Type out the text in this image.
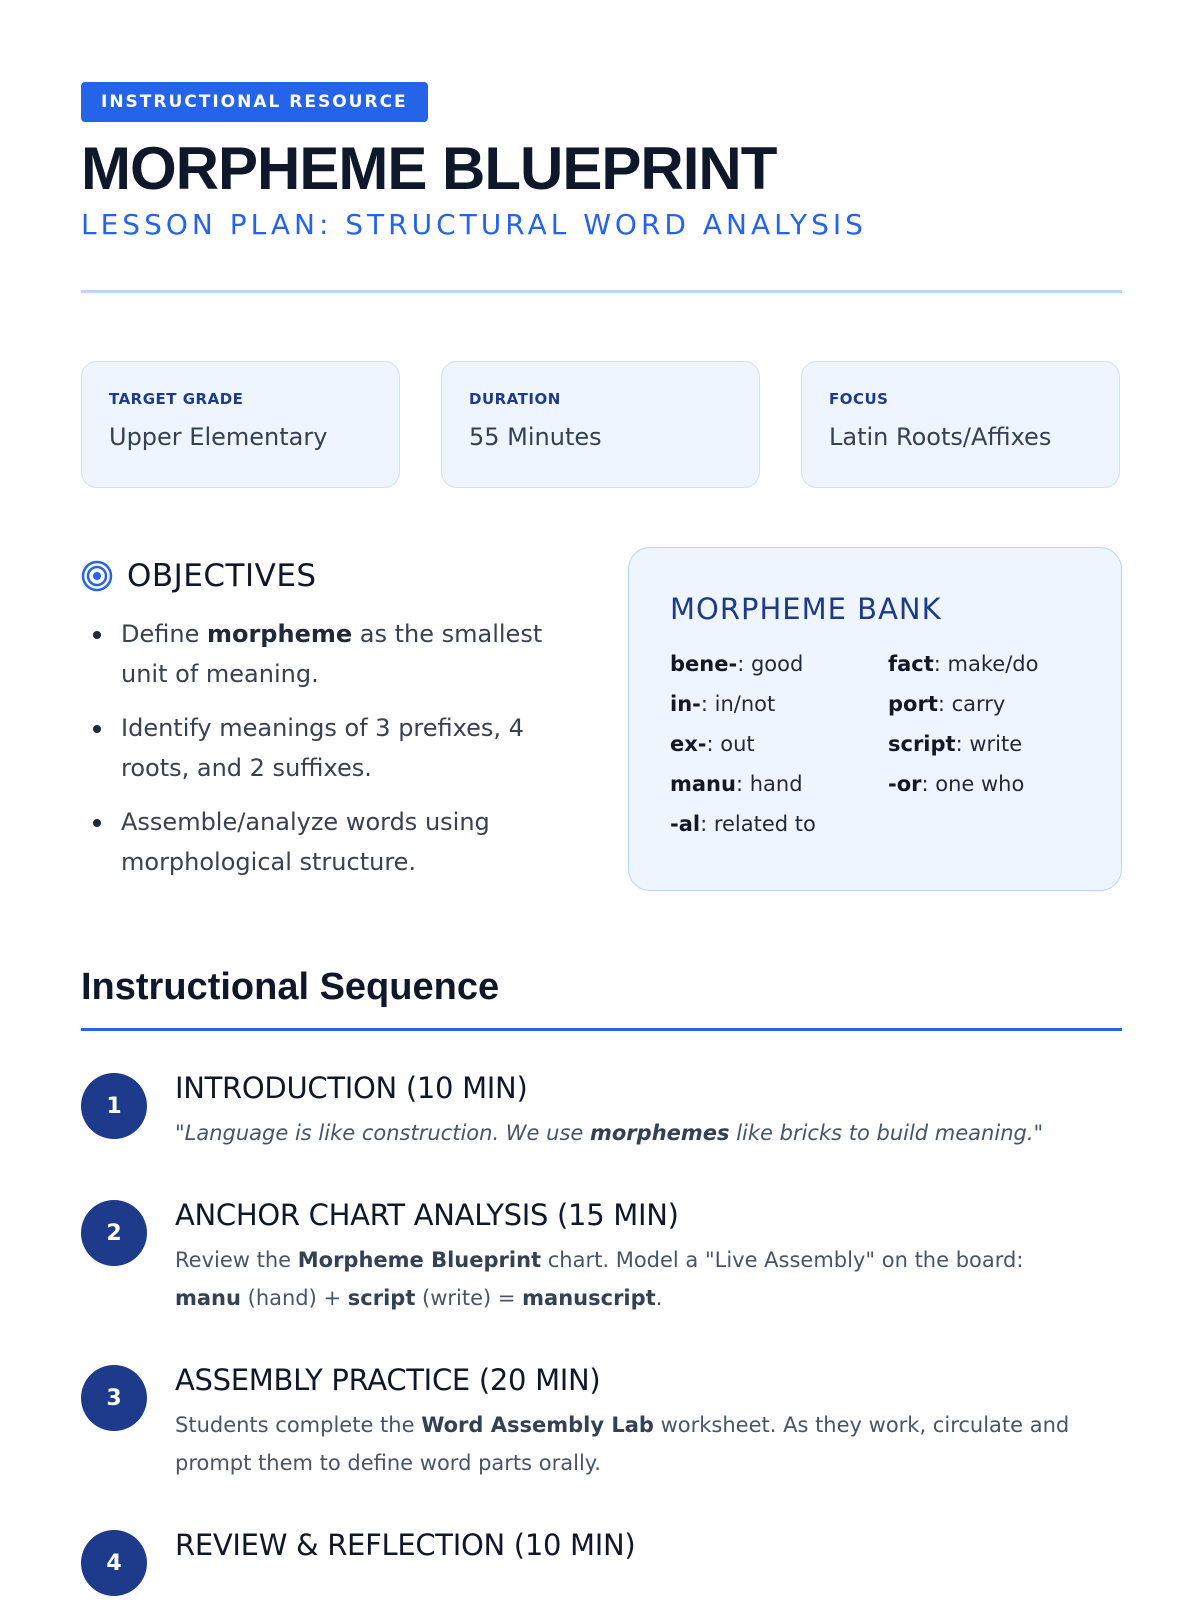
INSTRUCTIONAL RESOURCE
MORPHEME BLUEPRINT
LESSON PLAN: STRUCTURAL WORD ANALYSIS
TARGET GRADE
Upper Elementary
DURATION
55 Minutes
FOCUS
Latin Roots/Affixes
OBJECTIVES
Define morpheme as the smallest unit of meaning.
Identify meanings of 3 prefixes, 4 roots, and 2 suffixes.
Assemble/analyze words using morphological structure.
MORPHEME BANK
bene-: good	fact: make/do
in-: in/not	port: carry
ex-: out	script: write
manu: hand	-or: one who
-al: related to
Instructional Sequence
1
INTRODUCTION (10 MIN)
"Language is like construction. We use morphemes like bricks to build meaning."
2
ANCHOR CHART ANALYSIS (15 MIN)
Review the Morpheme Blueprint chart. Model a "Live Assembly" on the board: manu (hand) + script (write) = manuscript.
3
ASSEMBLY PRACTICE (20 MIN)
Students complete the Word Assembly Lab worksheet. As they work, circulate and prompt them to define word parts orally.
4
REVIEW & REFLECTION (10 MIN)
